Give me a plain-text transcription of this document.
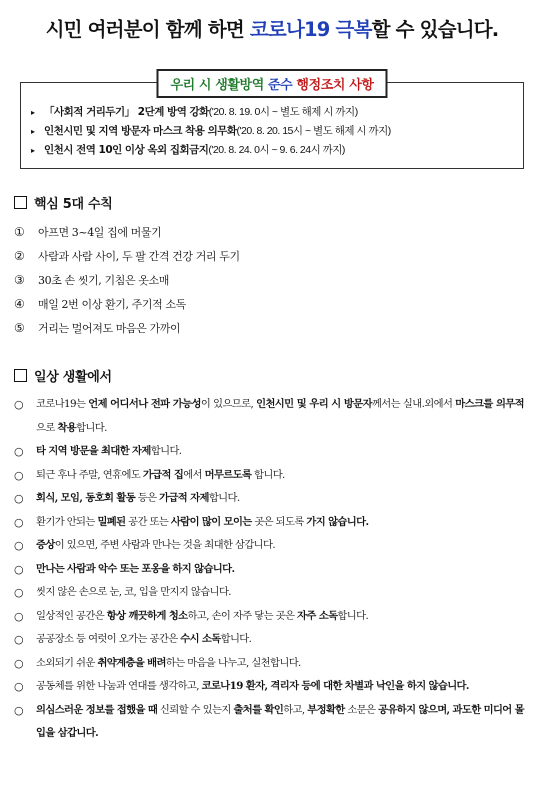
시민 여러분이 함께 하면 코로나19 극복할 수 있습니다.
우리 시 생활방역 준수 행정조치 사항
▸ 「사회적 거리두기」 2단계 방역 강화 ('20. 8. 19. 0시 ~ 별도 해제 시 까지)
▸ 인천시민 및 지역 방문자 마스크 착용 의무화 ('20. 8. 20. 15시 ~ 별도 해제 시 까지)
▸ 인천시 전역 10인 이상 옥외 집회금지 ('20. 8. 24. 0시 ~ 9. 6. 24시 까지)
핵심 5대 수칙
①	아프면 3~4일 집에 머물기
②	사람과 사람 사이, 두 팔 간격 건강 거리 두기
③	30초 손 씻기, 기침은 옷소매
④	매일 2번 이상 환기, 주기적 소독
⑤	거리는 멀어져도 마음은 가까이
일상 생활에서
○	코로나19는 언제 어디서나 전파 가능성이 있으므로, 인천시민 및 우리 시 방문자께서는 실내.외에서 마스크를 의무적으로 착용합니다.
○	타 지역 방문을 최대한 자제합니다.
○	퇴근 후나 주말, 연휴에도 가급적 집에서 머무르도록 합니다.
○	회식, 모임, 동호회 활동 등은 가급적 자제합니다.
○	환기가 안되는 밀폐된 공간 또는 사람이 많이 모이는 곳은 되도록 가지 않습니다.
○	증상이 있으면, 주변 사람과 만나는 것을 최대한 삼갑니다.
○	만나는 사람과 악수 또는 포옹을 하지 않습니다.
○	씻지 않은 손으로 눈, 코, 입을 만지지 않습니다.
○	일상적인 공간은 항상 깨끗하게 청소하고, 손이 자주 닿는 곳은 자주 소독합니다.
○	공공장소 등 여럿이 오가는 공간은 수시 소독합니다.
○	소외되기 쉬운 취약계층을 배려하는 마음을 나누고, 실천합니다.
○	공동체를 위한 나눔과 연대를 생각하고, 코로나19 환자, 격리자 등에 대한 차별과 낙인을 하지 않습니다.
○	의심스러운 정보를 접했을 때 신뢰할 수 있는지 출처를 확인하고, 부정확한 소문은 공유하지 않으며, 과도한 미디어 몰입을 삼갑니다.
